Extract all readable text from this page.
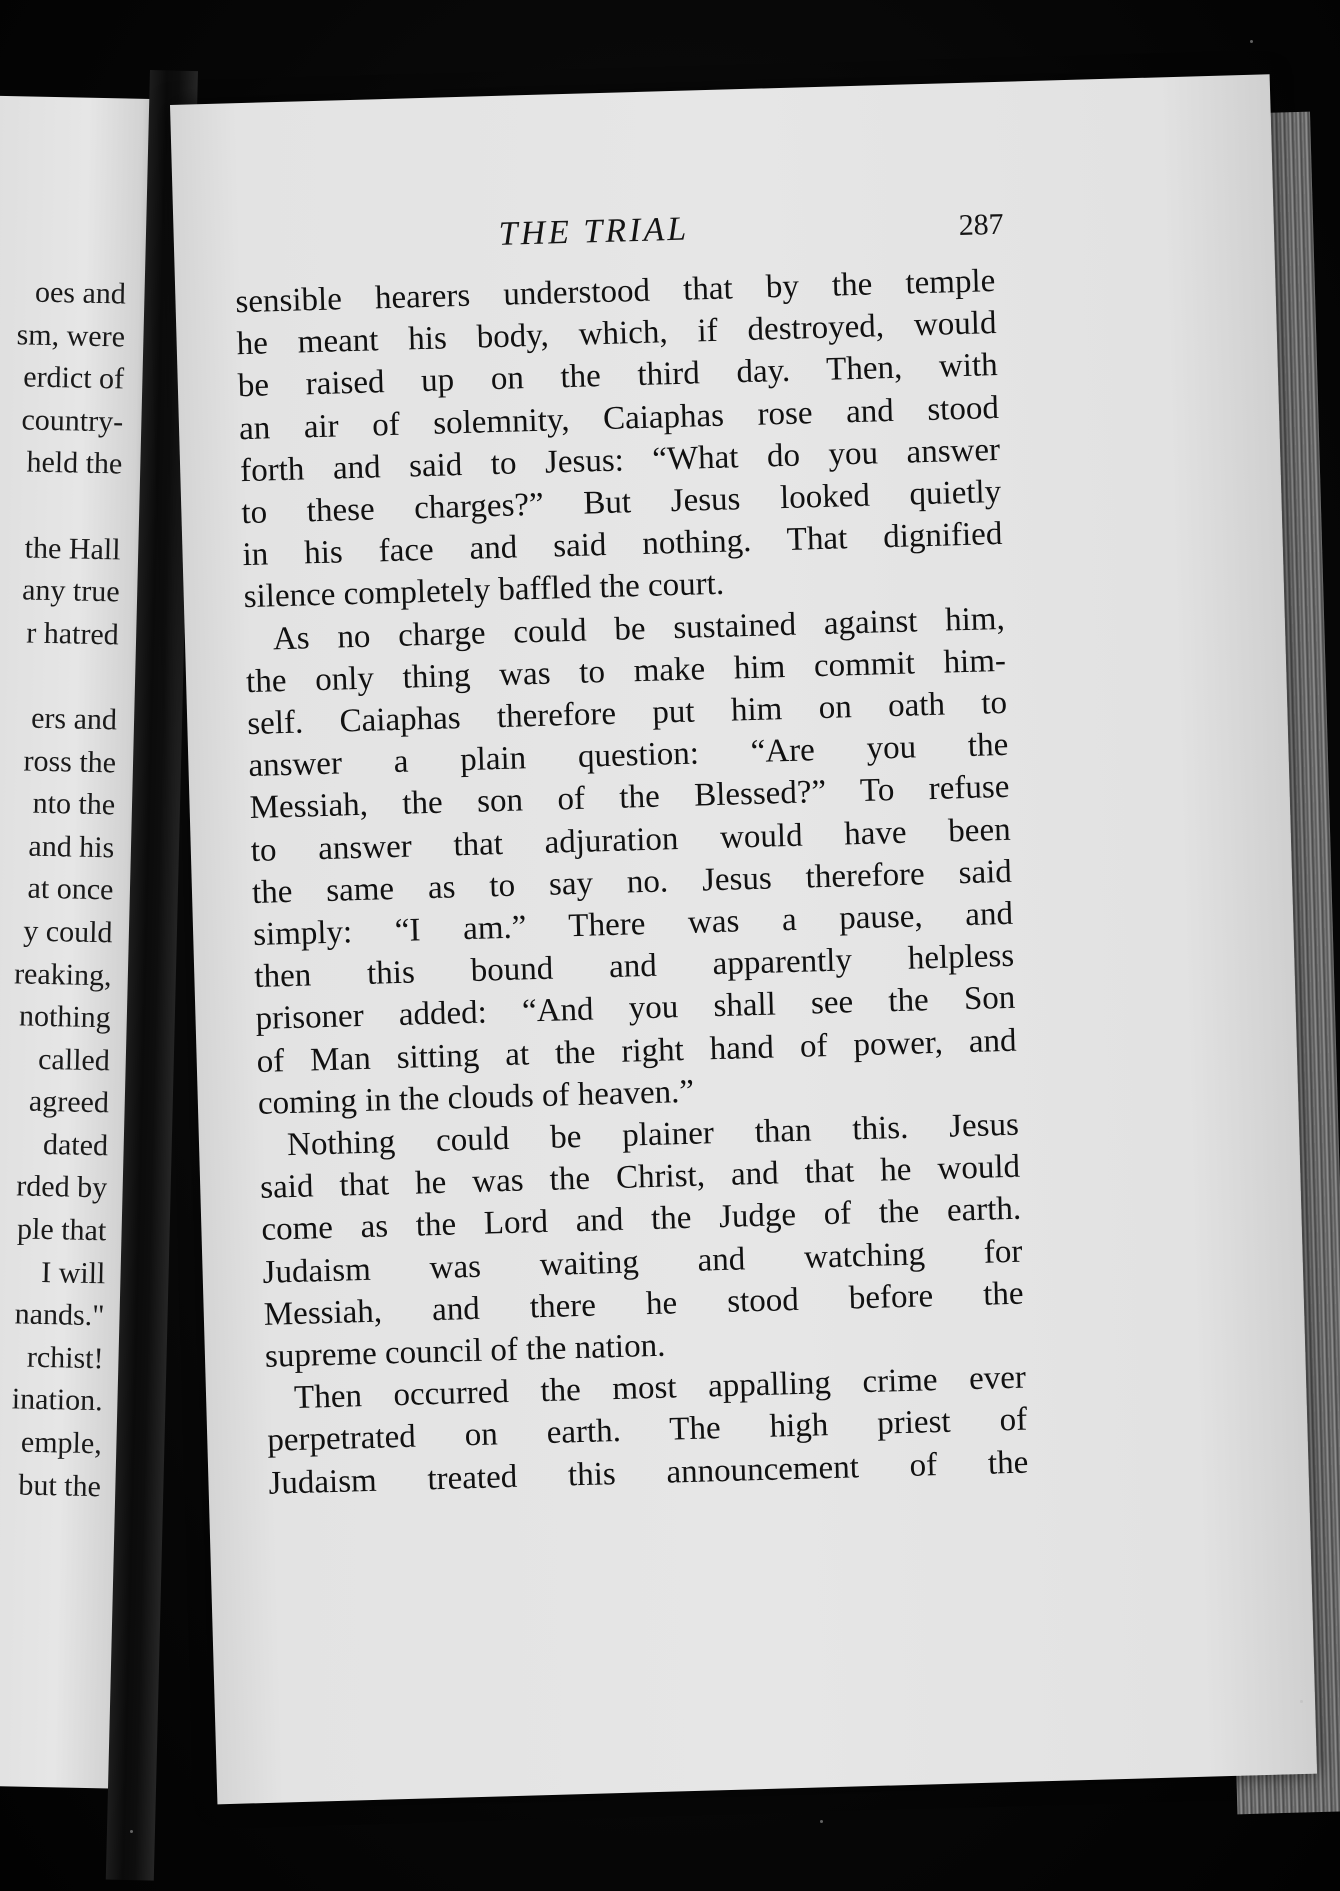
oes and
sm, were
erdict of
country-
held the
the Hall
any true
r hatred
ers and
ross the
nto the
and his
at once
y could
reaking,
nothing
called
agreed
dated
rded by
ple that
I will
nands."
rchist!
ination.
emple,
but the
THE TRIAL	287

sensible hearers understood that by the temple
he meant his body, which, if destroyed, would
be raised up on the third day. Then, with
an air of solemnity, Caiaphas rose and stood
forth and said to Jesus: “What do you answer
to these charges?” But Jesus looked quietly
in his face and said nothing. That dignified
silence completely baffled the court.

As no charge could be sustained against him,
the only thing was to make him commit him-
self. Caiaphas therefore put him on oath to
answer a plain question: “Are you the
Messiah, the son of the Blessed?” To refuse
to answer that adjuration would have been
the same as to say no. Jesus therefore said
simply: “I am.” There was a pause, and
then this bound and apparently helpless
prisoner added: “And you shall see the Son
of Man sitting at the right hand of power, and
coming in the clouds of heaven.”

Nothing could be plainer than this. Jesus
said that he was the Christ, and that he would
come as the Lord and the Judge of the earth.
Judaism was waiting and watching for
Messiah, and there he stood before the
supreme council of the nation.

Then occurred the most appalling crime ever
perpetrated on earth. The high priest of
Judaism treated this announcement of the
